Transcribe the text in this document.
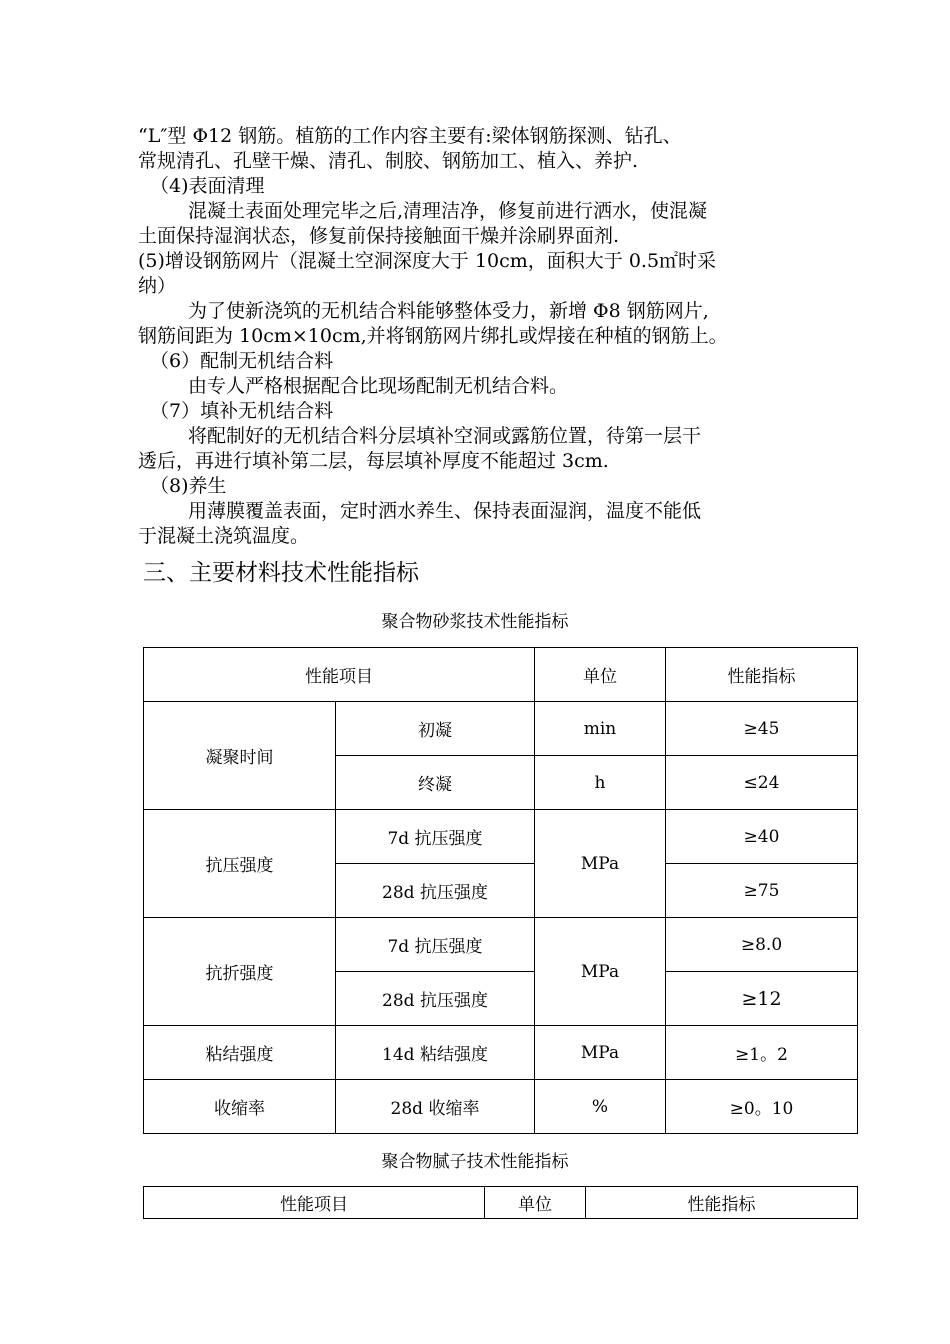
“L″型 Φ12 钢筋。植筋的工作内容主要有:梁体钢筋探测、钻孔、
常规清孔、孔壁干燥、清孔、制胶、钢筋加工、植入、养护.
（4)表面清理
混凝土表面处理完毕之后,清理洁净，修复前进行洒水，使混凝
土面保持湿润状态，修复前保持接触面干燥并涂刷界面剂.
(5)增设钢筋网片（混凝土空洞深度大于 10cm，面积大于 0.5㎡时采
纳）
为了使新浇筑的无机结合料能够整体受力，新增 Φ8 钢筋网片,
钢筋间距为 10cm×10cm,并将钢筋网片绑扎或焊接在种植的钢筋上。
（6）配制无机结合料
由专人严格根据配合比现场配制无机结合料。
（7）填补无机结合料
将配制好的无机结合料分层填补空洞或露筋位置，待第一层干
透后，再进行填补第二层，每层填补厚度不能超过 3cm.
（8)养生
用薄膜覆盖表面，定时洒水养生、保持表面湿润，温度不能低
于混凝土浇筑温度。
三、主要材料技术性能指标
聚合物砂浆技术性能指标
性能项目		单位	性能指标
凝聚时间	初凝	min	≥45
	终凝	h	≤24
抗压强度	7d 抗压强度	MPa	≥40
	28d 抗压强度		≥75
抗折强度	7d 抗压强度	MPa	≥8.0
	28d 抗压强度		≥12
粘结强度	14d 粘结强度	MPa	≥1。2
收缩率	28d 收缩率	%	≥0。10
聚合物腻子技术性能指标
性能项目	单位	性能指标
